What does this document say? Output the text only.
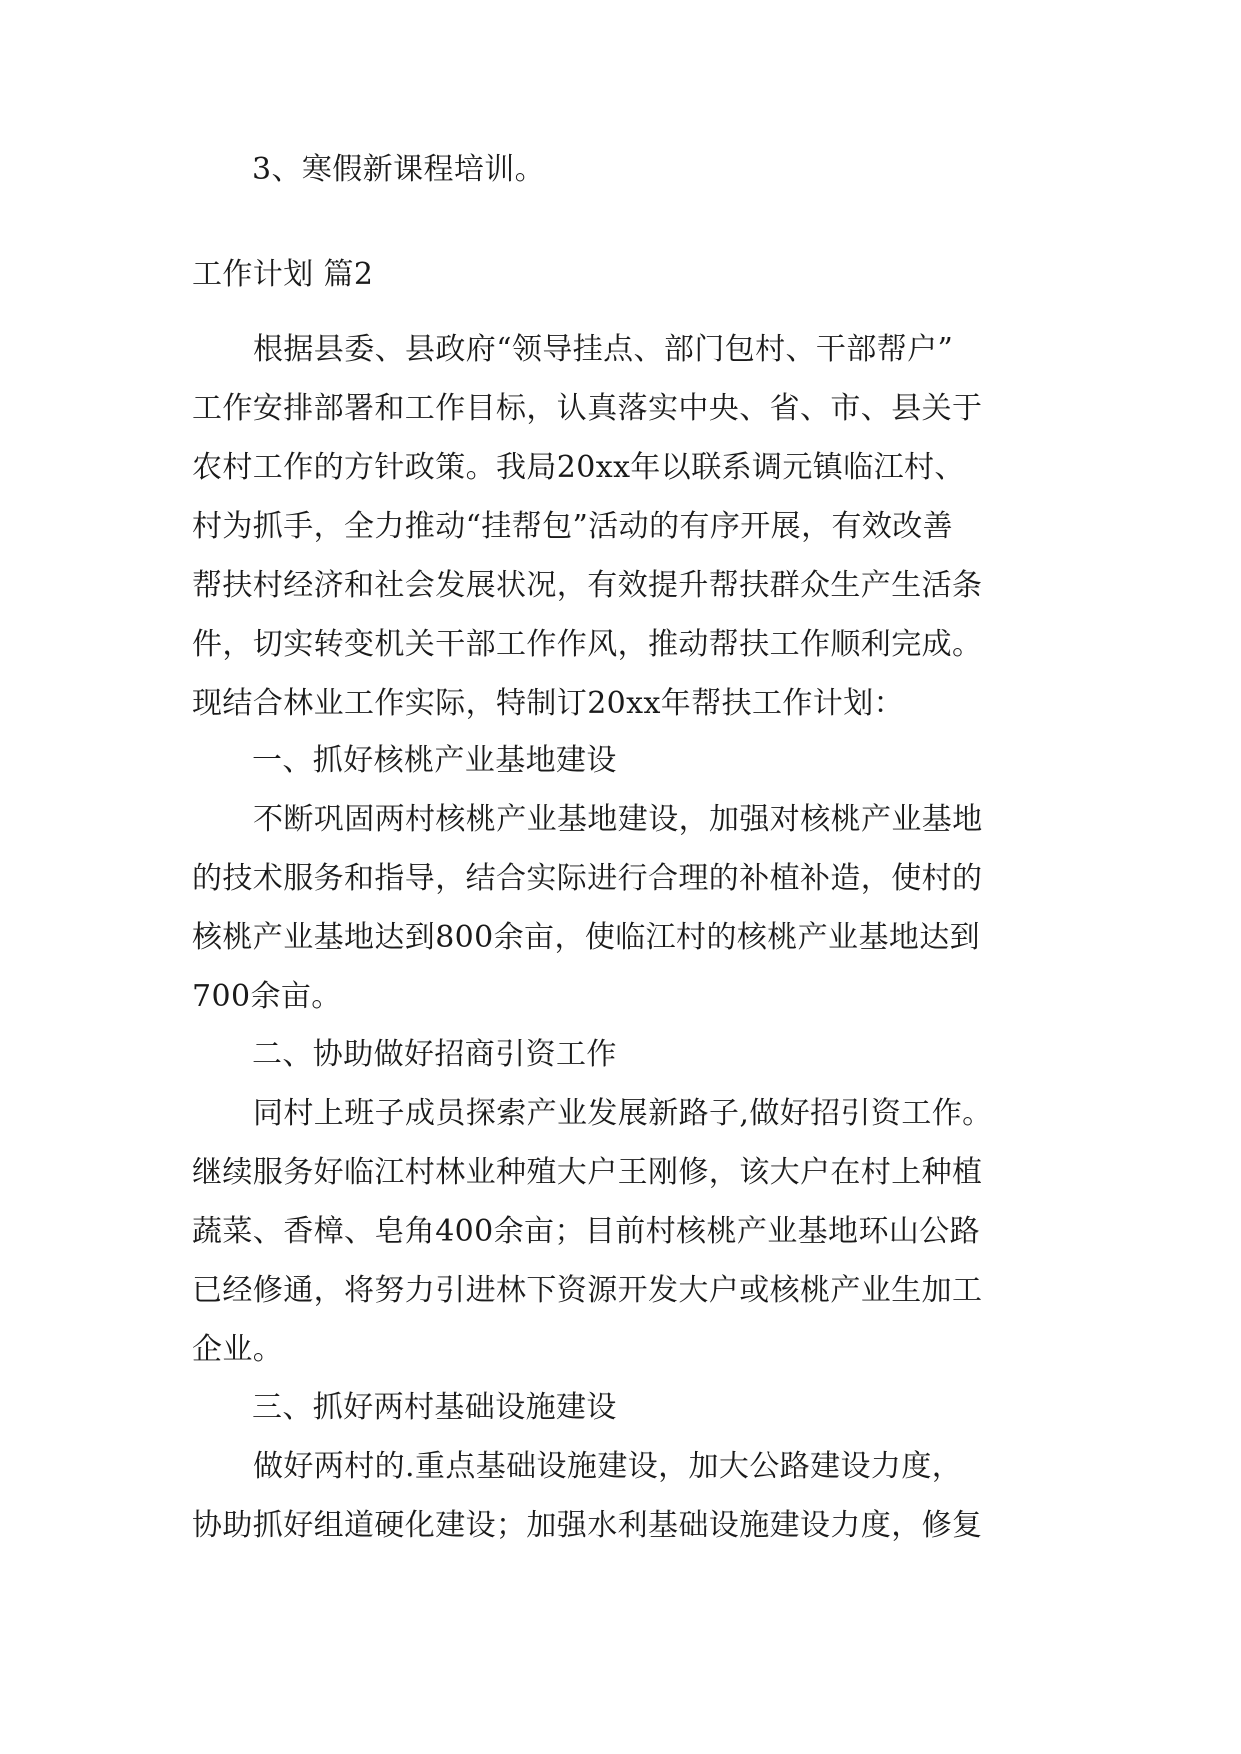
3、寒假新课程培训。
工作计划 篇2
根据县委、县政府“领导挂点、部门包村、干部帮户”
工作安排部署和工作目标，认真落实中央、省、市、县关于
农村工作的方针政策。我局20xx年以联系调元镇临江村、
村为抓手，全力推动“挂帮包”活动的有序开展，有效改善
帮扶村经济和社会发展状况，有效提升帮扶群众生产生活条
件，切实转变机关干部工作作风，推动帮扶工作顺利完成。
现结合林业工作实际，特制订20xx年帮扶工作计划：
一、抓好核桃产业基地建设
不断巩固两村核桃产业基地建设，加强对核桃产业基地
的技术服务和指导，结合实际进行合理的补植补造，使村的
核桃产业基地达到800余亩，使临江村的核桃产业基地达到
700余亩。
二、协助做好招商引资工作
同村上班子成员探索产业发展新路子,做好招引资工作。
继续服务好临江村林业种殖大户王刚修，该大户在村上种植
蔬菜、香樟、皂角400余亩；目前村核桃产业基地环山公路
已经修通，将努力引进林下资源开发大户或核桃产业生加工
企业。
三、抓好两村基础设施建设
做好两村的.重点基础设施建设，加大公路建设力度，
协助抓好组道硬化建设；加强水利基础设施建设力度，修复
